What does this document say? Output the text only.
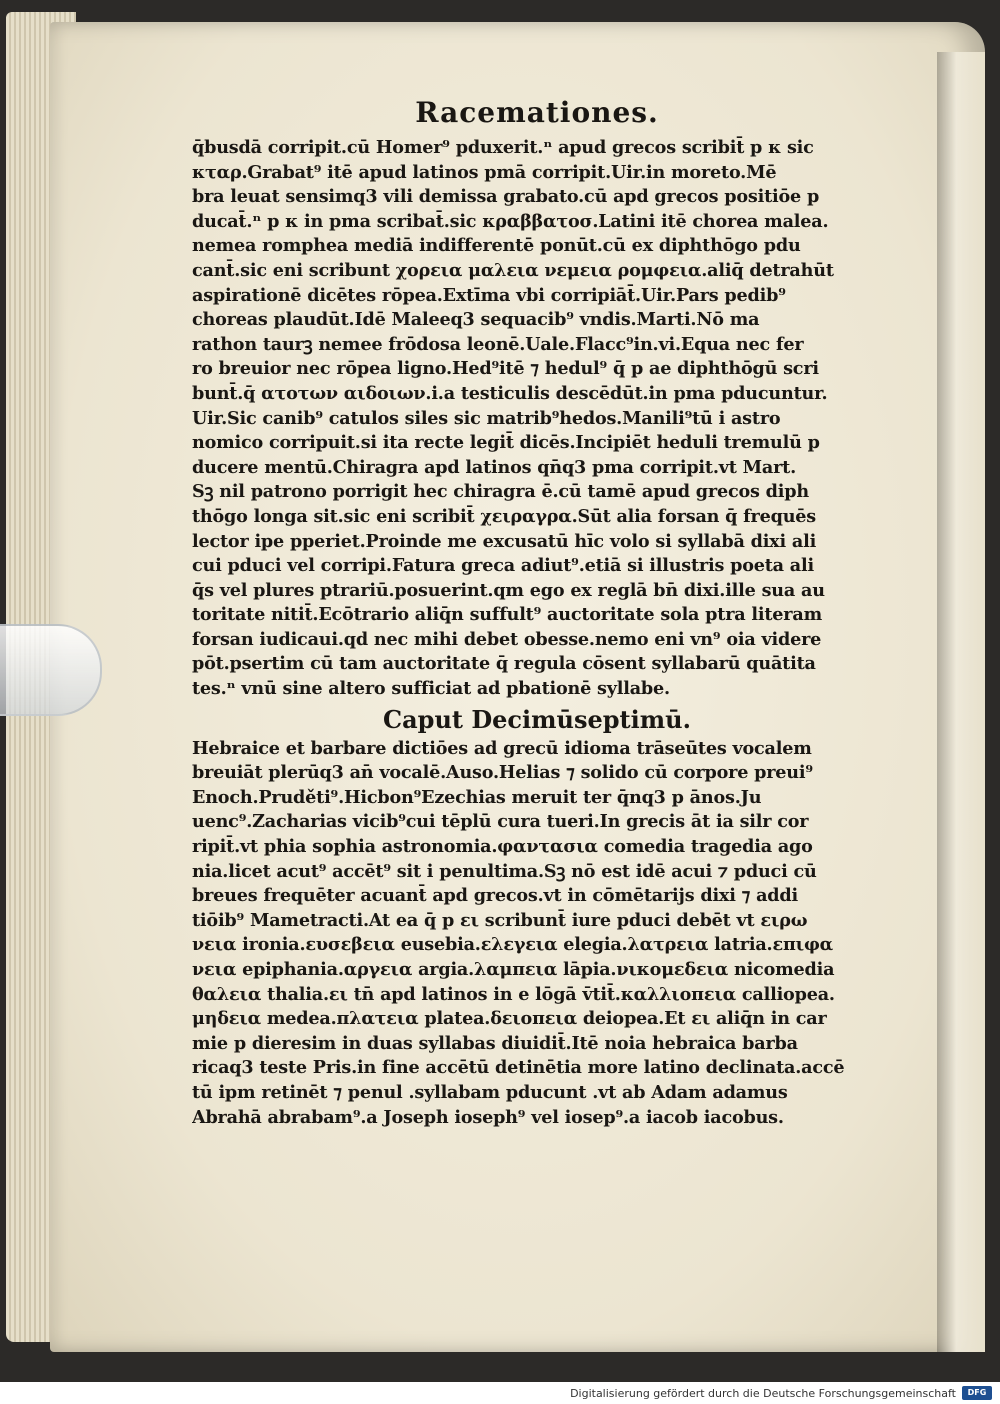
Racemationes.
q̄busdā corripit.cū Homer⁹ pduxerit.ⁿ apud grecos scribit̄ p κ sic
κταρ.Grabat⁹ itē apud latinos pmā corripit.Uir.in moreto.Mē
bra leuat sensimq3 vili demissa grabato.cū apd grecos positiōe p
ducat̄.ⁿ p κ in pma scribat̄.sic κραββατοσ.Latini itē chorea malea.
nemea romphea mediā indifferentē ponūt.cū ex diphthōgo pdu
cant̄.sic eni scribunt χορεια μαλεια νεμεια ρομφεια.aliq̄ detrahūt
aspirationē dicētes rōpea.Extīma vbi corripiāt̄.Uir.Pars pedib⁹
choreas plaudūt.Idē Maleeq3 sequacib⁹ vndis.Marti.Nō ma
rathon taurꝫ nemee frōdosa leonē.Uale.Flacc⁹in.vi.Equa nec fer
ro breuior nec rōpea ligno.Hed⁹itē ⁊ hedul⁹ q̄ p ae diphthōgū scri
bunt̄.q̄ ατοτων αιδοιων.i.a testiculis descēdūt.in pma pducuntur.
Uir.Sic canib⁹ catulos siles sic matrib⁹hedos.Manili⁹tū i astro
nomico corripuit.si ita recte legit̄ dicēs.Incipiēt heduli tremulū p
ducere mentū.Chiragra apd latinos qn̄q3 pma corripit.vt Mart.
Sꝫ nil patrono porrigit hec chiragra ē.cū tamē apud grecos diph
thōgo longa sit.sic eni scribit̄ χειραγρα.Sūt alia forsan q̄ frequēs
lector ipe pperiet.Proinde me excusatū hīc volo si syllabā dixi ali
cui pduci vel corripi.Fatura greca adiut⁹.etiā si illustris poeta ali
q̄s vel plures ptrariū.posuerint.qm ego ex reglā bn̄ dixi.ille sua au
toritate nitit̄.Ecōtrario aliq̄n suffult⁹ auctoritate sola ptra literam
forsan iudicaui.qd nec mihi debet obesse.nemo eni vn⁹ oia videre
pōt.psertim cū tam auctoritate q̄ regula cōsent syllabarū quātita
tes.ⁿ vnū sine altero sufficiat ad pbationē syllabe.
Caput Decimūseptimū.
Hebraice et barbare dictiōes ad grecū idioma trāseūtes vocalem
breuiāt plerūq3 an̄ vocalē.Auso.Helias ⁊ solido cū corpore preui⁹
Enoch.Pruděti⁹.Hicbon⁹Ezechias meruit ter q̄nq3 p ānos.Ju
uenc⁹.Zacharias vicib⁹cui tēplū cura tueri.In grecis āt ia silr cor
ripit̄.vt phia sophia astronomia.φαντασια comedia tragedia ago
nia.licet acut⁹ accēt⁹ sit i penultima.Sꝫ nō est idē acui ⁊ pduci cū
breues frequēter acuant̄ apd grecos.vt in cōmētarijs dixi ⁊ addi
tiōib⁹ Mametracti.At ea q̄ p ει scribunt̄ iure pduci debēt vt ειρω
νεια ironia.ευσεβεια eusebia.ελεγεια elegia.λατρεια latria.επιφα
νεια epiphania.αργεια argia.λαμπεια lāpia.νικομεδεια nicomedia
θαλεια thalia.ει tn̄ apd latinos in e lōgā v̄tit̄.καλλιοπεια calliopea.
μηδεια medea.πλατεια platea.δειοπεια deiopea.Et ει aliq̄n in car
mie p dieresim in duas syllabas diuidit̄.Itē noia hebraica barba
ricaq3 teste Pris.in fine accētū detinētia more latino declinata.accē
tū ipm retinēt ⁊ penul .syllabam pducunt .vt ab Adam adamus
Abrahā abrabam⁹.a Joseph ioseph⁹ vel iosep⁹.a iacob iacobus.
Digitalisierung gefördert durch die Deutsche Forschungsgemeinschaft	DFG
